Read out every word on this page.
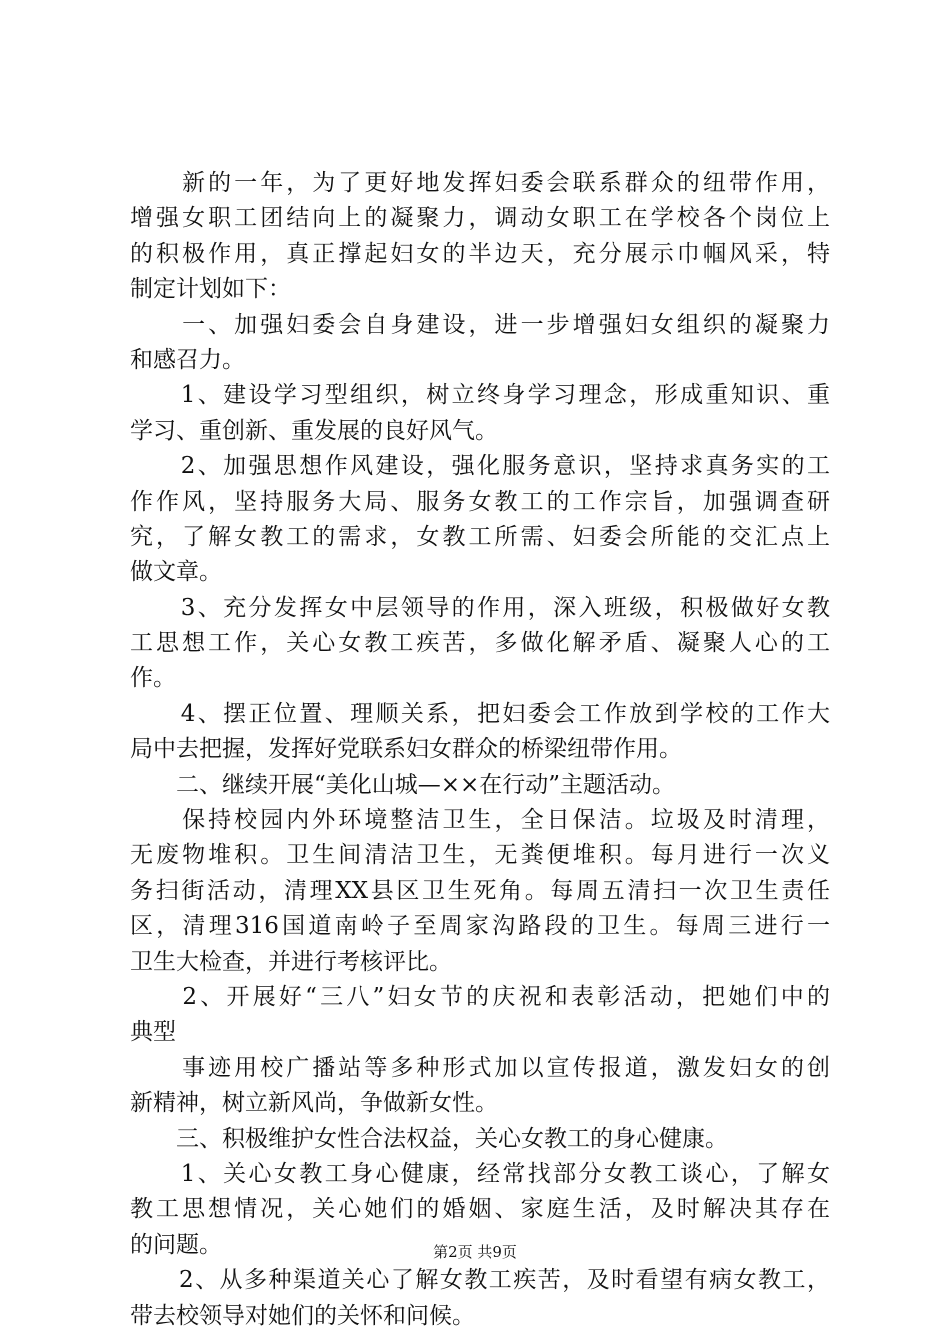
　　新的一年，为了更好地发挥妇委会联系群众的纽带作用，
增强女职工团结向上的凝聚力，调动女职工在学校各个岗位上
的积极作用，真正撑起妇女的半边天，充分展示巾帼风采，特
制定计划如下：
　　一、加强妇委会自身建设，进一步增强妇女组织的凝聚力
和感召力。
　　1、建设学习型组织，树立终身学习理念，形成重知识、重
学习、重创新、重发展的良好风气。
　　2、加强思想作风建设，强化服务意识，坚持求真务实的工
作作风，坚持服务大局、服务女教工的工作宗旨，加强调查研
究，了解女教工的需求，女教工所需、妇委会所能的交汇点上
做文章。
　　3、充分发挥女中层领导的作用，深入班级，积极做好女教
工思想工作，关心女教工疾苦，多做化解矛盾、凝聚人心的工
作。
　　4、摆正位置、理顺关系，把妇委会工作放到学校的工作大
局中去把握，发挥好党联系妇女群众的桥梁纽带作用。
　　二、继续开展“美化山城—××在行动”主题活动。
　　保持校园内外环境整洁卫生，全日保洁。垃圾及时清理，
无废物堆积。卫生间清洁卫生，无粪便堆积。每月进行一次义
务扫街活动，清理XX县区卫生死角。每周五清扫一次卫生责任
区，清理316国道南岭子至周家沟路段的卫生。每周三进行一
卫生大检查，并进行考核评比。
　　2、开展好“三八”妇女节的庆祝和表彰活动，把她们中的
典型
　　事迹用校广播站等多种形式加以宣传报道，激发妇女的创
新精神，树立新风尚，争做新女性。
　　三、积极维护女性合法权益，关心女教工的身心健康。
　　1、关心女教工身心健康，经常找部分女教工谈心，了解女
教工思想情况，关心她们的婚姻、家庭生活，及时解决其存在
的问题。
　　2、从多种渠道关心了解女教工疾苦，及时看望有病女教工，
带去校领导对她们的关怀和问候。
第2页 共9页
